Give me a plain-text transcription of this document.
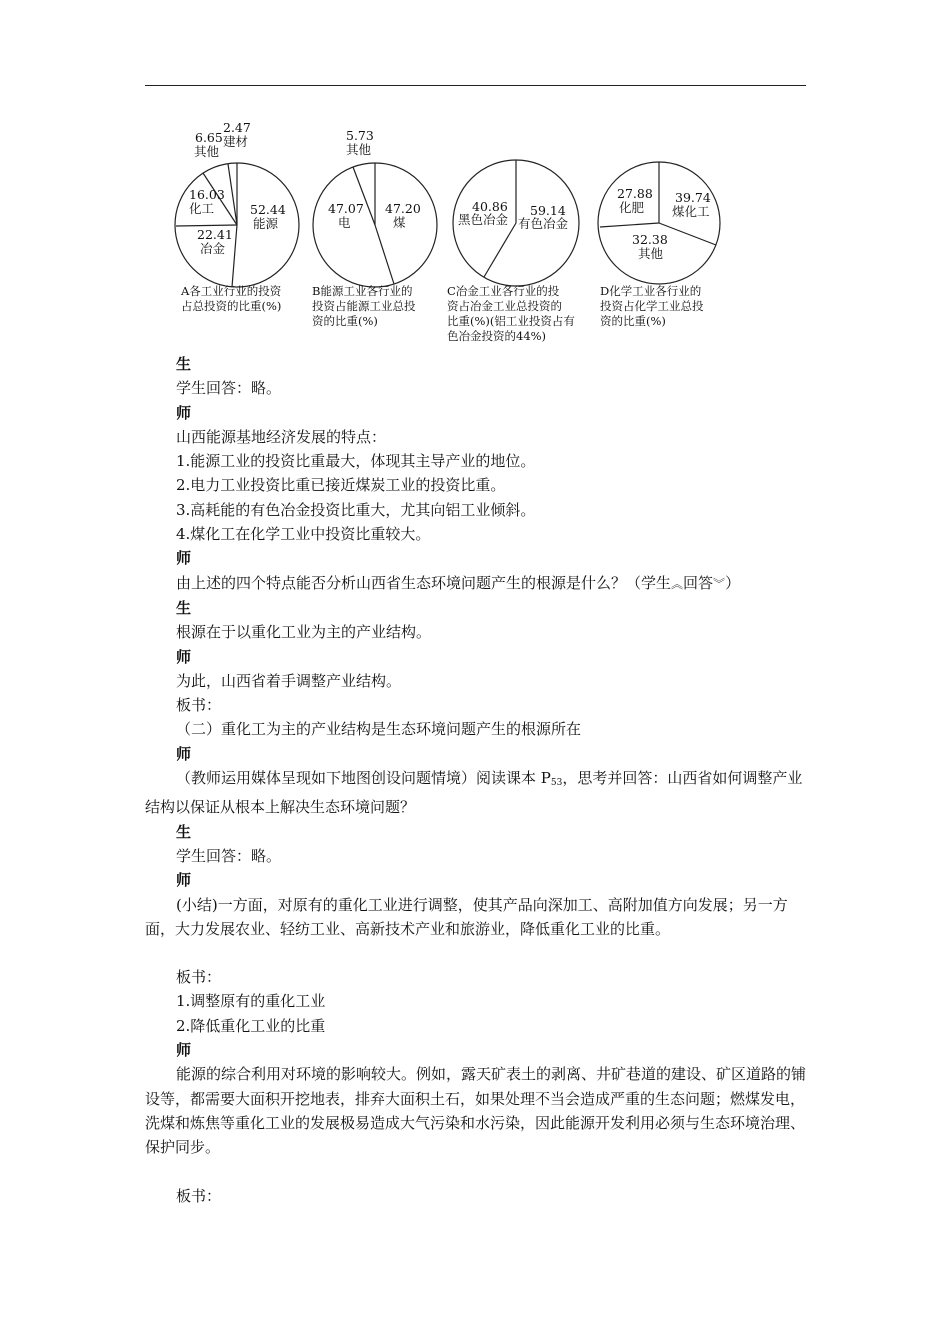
52.44
能源
22.41
冶金
16.03
化工
6.65
其他
2.47
建材
47.20
煤
47.07
电
5.73
其他
59.14
有色冶金
40.86
黑色冶金
39.74
煤化工
32.38
其他
27.88
化肥
A各工业行业的投资
占总投资的比重(%)
B能源工业各行业的
投资占能源工业总投
资的比重(%)
C冶金工业各行业的投
资占冶金工业总投资的
比重(%)(铝工业投资占有
色冶金投资的44%)
D化学工业各行业的
投资占化学工业总投
资的比重(%)

生

学生回答：略。

师

山西能源基地经济发展的特点：

1.能源工业的投资比重最大，体现其主导产业的地位。

2.电力工业投资比重已接近煤炭工业的投资比重。

3.高耗能的有色冶金投资比重大，尤其向铝工业倾斜。

4.煤化工在化学工业中投资比重较大。

师

由上述的四个特点能否分析山西省生态环境问题产生的根源是什么？（学生︽回答︾）

生

根源在于以重化工业为主的产业结构。

师

为此，山西省着手调整产业结构。

板书：

（二）重化工为主的产业结构是生态环境问题产生的根源所在

师

（教师运用媒体呈现如下地图创设问题情境）阅读课本 $P_{53}$，思考并回答：山西省如何调整产业结构以保证从根本上解决生态环境问题？

生

学生回答：略。

师

(小结)一方面，对原有的重化工业进行调整，使其产品向深加工、高附加值方向发展；另一方面，大力发展农业、轻纺工业、高新技术产业和旅游业，降低重化工业的比重。

板书：

1.调整原有的重化工业

2.降低重化工业的比重

师

能源的综合利用对环境的影响较大。例如，露天矿表土的剥离、井矿巷道的建设、矿区道路的铺设等，都需要大面积开挖地表，排弃大面积土石，如果处理不当会造成严重的生态问题；燃煤发电，洗煤和炼焦等重化工业的发展极易造成大气污染和水污染，因此能源开发利用必须与生态环境治理、保护同步。

板书：
